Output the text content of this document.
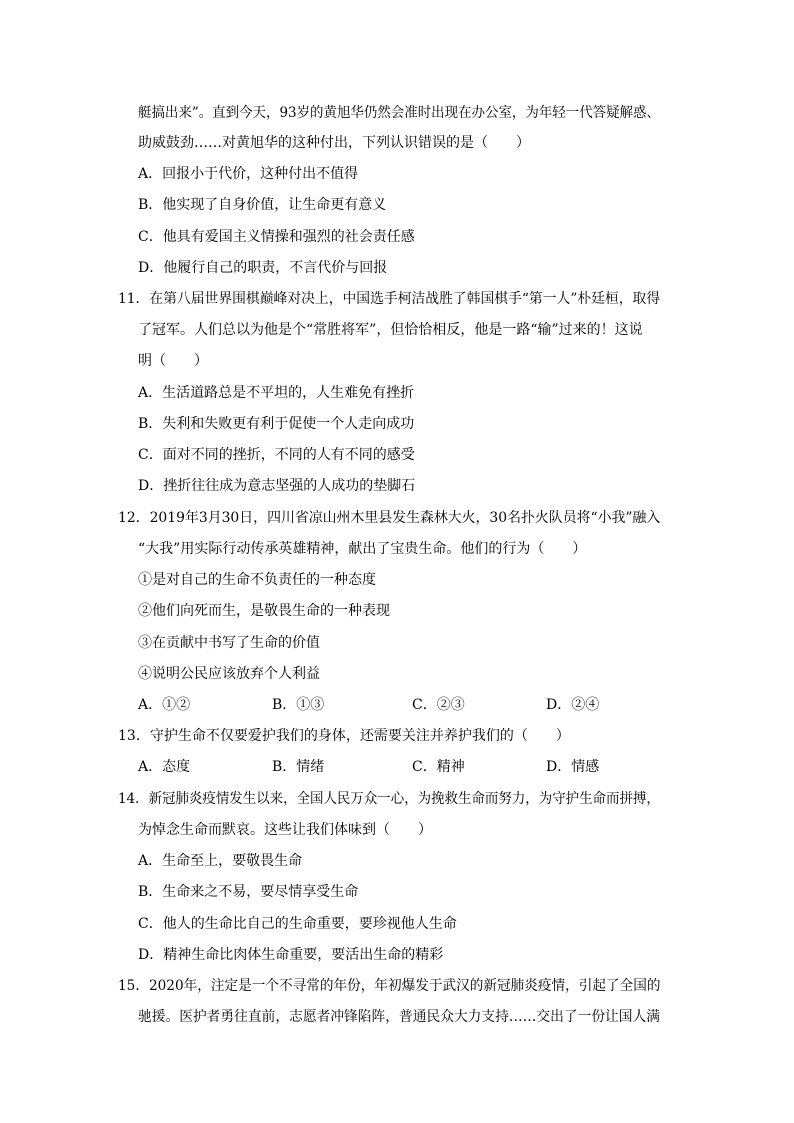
艇搞出来”。直到今天，93岁的黄旭华仍然会准时出现在办公室，为年轻一代答疑解惑、
助威鼓劲……对黄旭华的这种付出，下列认识错误的是（　　）
A．回报小于代价，这种付出不值得
B．他实现了自身价值，让生命更有意义
C．他具有爱国主义情操和强烈的社会责任感
D．他履行自己的职责，不言代价与回报
11．在第八届世界围棋巅峰对决上，中国选手柯洁战胜了韩国棋手“第一人”朴廷桓，取得
了冠军。人们总以为他是个“常胜将军”，但恰恰相反，他是一路“输”过来的！这说
明（　　）
A．生活道路总是不平坦的，人生难免有挫折
B．失利和失败更有利于促使一个人走向成功
C．面对不同的挫折，不同的人有不同的感受
D．挫折往往成为意志坚强的人成功的垫脚石
12．2019年3月30日，四川省凉山州木里县发生森林大火，30名扑火队员将“小我”融入
“大我”用实际行动传承英雄精神，献出了宝贵生命。他们的行为（　　）
①是对自己的生命不负责任的一种态度
②他们向死而生，是敬畏生命的一种表现
③在贡献中书写了生命的价值
④说明公民应该放弃个人利益
A．①②	B．①③	C．②③	D．②④
13．守护生命不仅要爱护我们的身体，还需要关注并养护我们的（　　）
A．态度	B．情绪	C．精神	D．情感
14．新冠肺炎疫情发生以来，全国人民万众一心，为挽救生命而努力，为守护生命而拼搏，
为悼念生命而默哀。这些让我们体味到（　　）
A．生命至上，要敬畏生命
B．生命来之不易，要尽情享受生命
C．他人的生命比自己的生命重要，要珍视他人生命
D．精神生命比肉体生命重要，要活出生命的精彩
15．2020年，注定是一个不寻常的年份，年初爆发于武汉的新冠肺炎疫情，引起了全国的
驰援。医护者勇往直前，志愿者冲锋陷阵，普通民众大力支持……交出了一份让国人满
